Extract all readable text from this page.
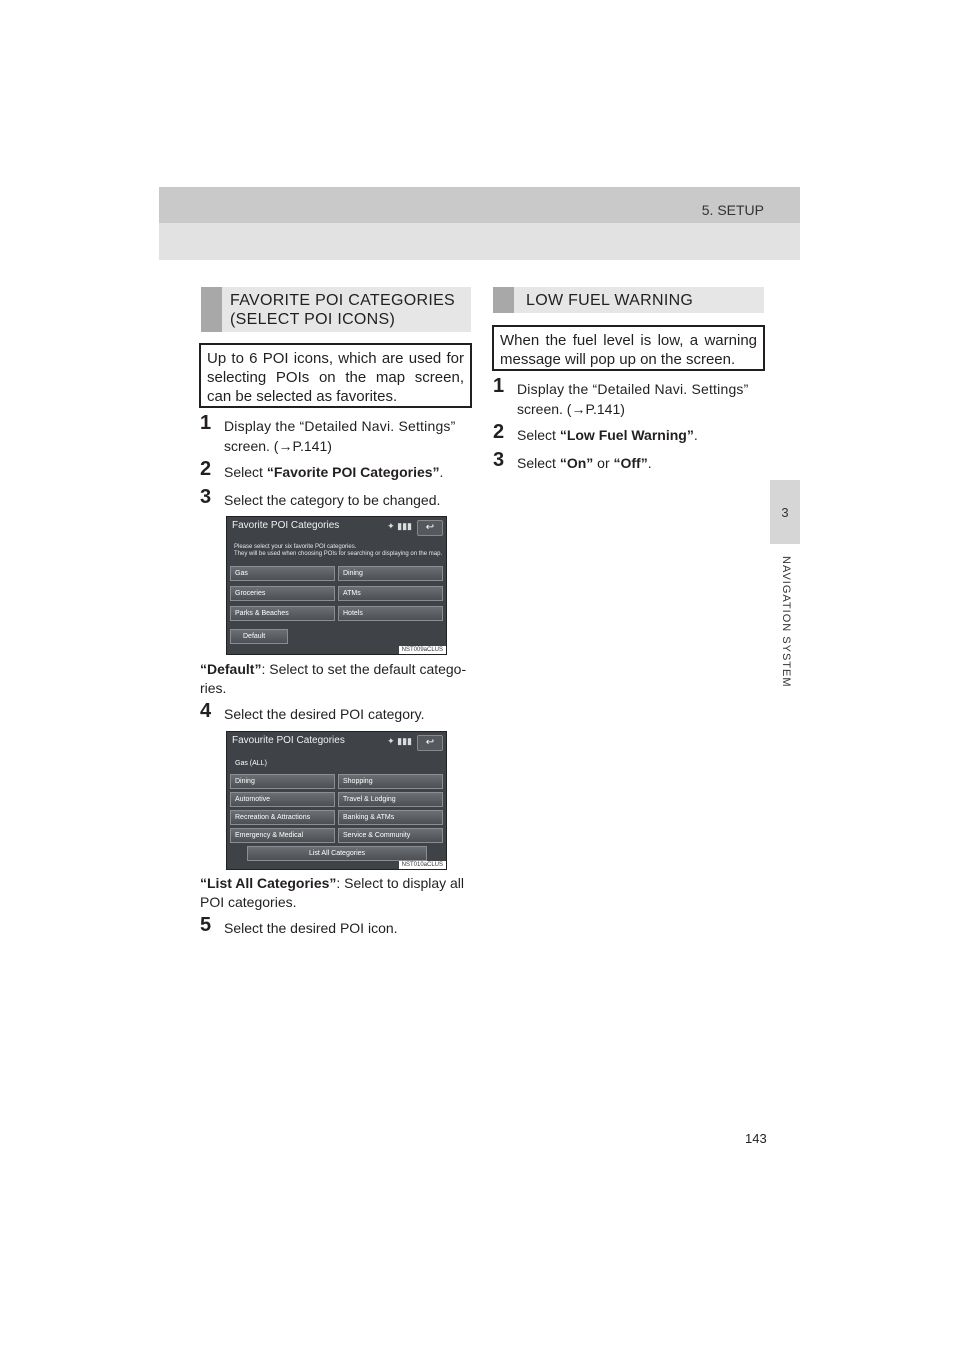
5. SETUP
3
NAVIGATION SYSTEM
FAVORITE POI CATEGORIES
(SELECT POI ICONS)
Up to 6 POI icons, which are used for selecting POIs on the map screen, can be selected as favorites.
1 Display the “Detailed Navi. Settings”
screen. (→P.141)
2 Select “Favorite POI Categories”.
3 Select the category to be changed.
Favorite POI Categories	✦ ▮▮▮	↩
Please select your six favorite POI categories.
They will be used when choosing POIs for searching or displaying on the map.
Gas	Dining
Groceries	ATMs
Parks & Beaches	Hotels
Default
NST009aCLUS
“Default”: Select to set the default catego-
ries.
4 Select the desired POI category.
Favourite POI Categories	✦ ▮▮▮	↩
Gas (ALL)
Dining	Shopping
Automotive	Travel & Lodging
Recreation & Attractions	Banking & ATMs
Emergency & Medical	Service & Community
List All Categories
NST010aCLUS
“List All Categories”: Select to display all
POI categories.
5 Select the desired POI icon.
LOW FUEL WARNING
When the fuel level is low, a warning message will pop up on the screen.
1 Display the “Detailed Navi. Settings”
screen. (→P.141)
2 Select “Low Fuel Warning”.
3 Select “On” or “Off”.
143
